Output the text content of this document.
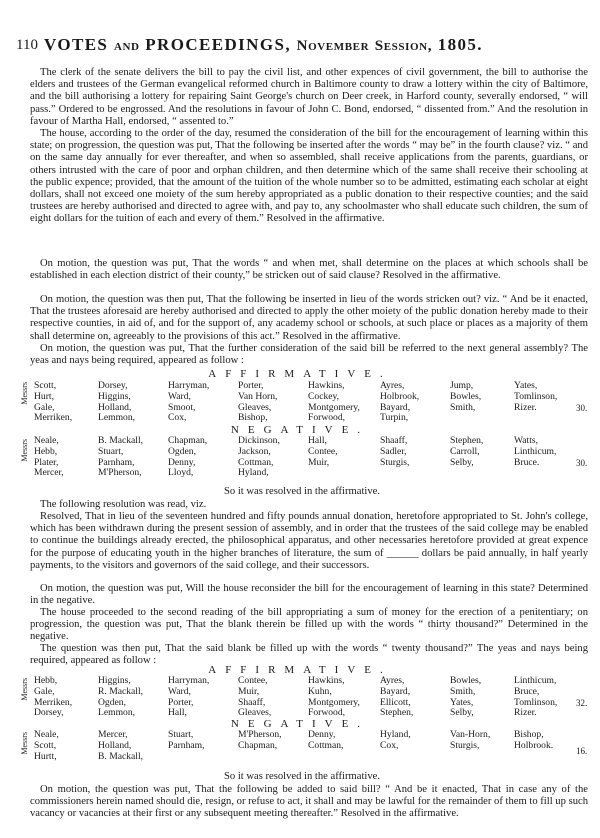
110 VOTES and PROCEEDINGS, November Session, 1805.

The clerk of the senate delivers the bill to pay the civil list, and other expences of civil government, the bill to authorise the elders and trustees of the German evangelical reformed church in Baltimore county to draw a lottery within the city of Baltimore, and the bill authorising a lottery for repairing Saint George's church on Deer creek, in Harford county, severally endorsed, “ will pass.” Ordered to be engrossed. And the resolutions in favour of John C. Bond, endorsed, “ dissented from.” And the resolution in favour of Martha Hall, endorsed, “ assented to.”

The house, according to the order of the day, resumed the consideration of the bill for the encouragement of learning within this state; on progression, the question was put, That the following be inserted after the words “ may be” in the fourth clause? viz. “ and on the same day annually for ever thereafter, and when so assembled, shall receive applications from the parents, guardians, or others intrusted with the care of poor and orphan children, and then determine which of the same shall receive their schooling at the public expence; provided, that the amount of the tuition of the whole number so to be admitted, estimating each scholar at eight dollars, shall not exceed one moiety of the sum hereby appropriated as a public donation to their respective counties; and the said trustees are hereby authorised and directed to agree with, and pay to, any schoolmaster who shall educate such children, the sum of eight dollars for the tuition of each and every of them.” Resolved in the affirmative.

On motion, the question was put, That the words “ and when met, shall determine on the places at which schools shall be established in each election district of their county,” be stricken out of said clause? Resolved in the affirmative.

On motion, the question was then put, That the following be inserted in lieu of the words stricken out? viz. “ And be it enacted, That the trustees aforesaid are hereby authorised and directed to apply the other moiety of the public donation hereby made to their respective counties, in aid of, and for the support of, any academy school or schools, at such place or places as a majority of them shall determine on, agreeably to the provisions of this act.” Resolved in the affirmative.

On motion, the question was put, That the further consideration of the said bill be referred to the next general assembly? The yeas and nays being required, appeared as follow :

AFFIRMATIVE.
Messrs Scott,
Hurt,
Gale,
Merriken,
Dorsey,
Higgins,
Holland,
Lemmon,
Harryman,
Ward,
Smoot,
Cox,
Porter,
Van Horn,
Gleaves,
Bishop,
Hawkins,
Cockey,
Montgomery,
Forwood,
Ayres,
Holbrook,
Bayard,
Turpin,
Jump,
Bowles,
Smith,
Yates,
Tomlinson,
Rizer.	30.
NEGATIVE.
Messrs Neale,
Hebb,
Plater,
Mercer,
B. Mackall,
Stuart,
Parnham,
M'Pherson,
Chapman,
Ogden,
Denny,
Lloyd,
Dickinson,
Jackson,
Cottman,
Hyland,
Hall,
Contee,
Muir,
Shaaff,
Sadler,
Sturgis,
Stephen,
Carroll,
Selby,
Watts,
Linthicum,
Bruce.	30.
So it was resolved in the affirmative.

The following resolution was read, viz.

Resolved, That in lieu of the seventeen hundred and fifty pounds annual donation, heretofore appropriated to St. John's college, which has been withdrawn during the present session of assembly, and in order that the trustees of the said college may be enabled to continue the buildings already erected, the philosophical apparatus, and other necessaries heretofore provided at great expence for the purpose of educating youth in the higher branches of literature, the sum of ______ dollars be paid annually, in half yearly payments, to the visitors and governors of the said college, and their successors.

On motion, the question was put, Will the house reconsider the bill for the encouragement of learning in this state? Determined in the negative.

The house proceeded to the second reading of the bill appropriating a sum of money for the erection of a penitentiary; on progression, the question was put, That the blank therein be filled up with the words “ thirty thousand?” Determined in the negative.

The question was then put, That the said blank be filled up with the words “ twenty thousand?” The yeas and nays being required, appeared as follow :

AFFIRMATIVE.
Messrs Hebb,
Gale,
Merriken,
Dorsey,
Higgins,
R. Mackall,
Ogden,
Lemmon,
Harryman,
Ward,
Porter,
Hall,
Contee,
Muir,
Shaaff,
Gleaves,
Hawkins,
Kuhn,
Montgomery,
Forwood,
Ayres,
Bayard,
Ellicott,
Stephen,
Bowles,
Smith,
Yates,
Selby,
Linthicum,
Bruce,
Tomlinson,
Rizer.
32.
NEGATIVE.
Messrs Neale,
Scott,
Hurtt,
Mercer,
Holland,
B. Mackall,
Stuart,
Parnham,
M'Pherson,
Chapman,
Denny,
Cottman,
Hyland,
Cox,
Van-Horn,
Sturgis,
Bishop,
Holbrook.
16.
So it was resolved in the affirmative.

On motion, the question was put, That the following be added to said bill? “ And be it enacted, That in case any of the commissioners herein named should die, resign, or refuse to act, it shall and may be lawful for the remainder of them to fill up such vacancy or vacancies at their first or any subsequent meeting thereafter.” Resolved in the affirmative.
